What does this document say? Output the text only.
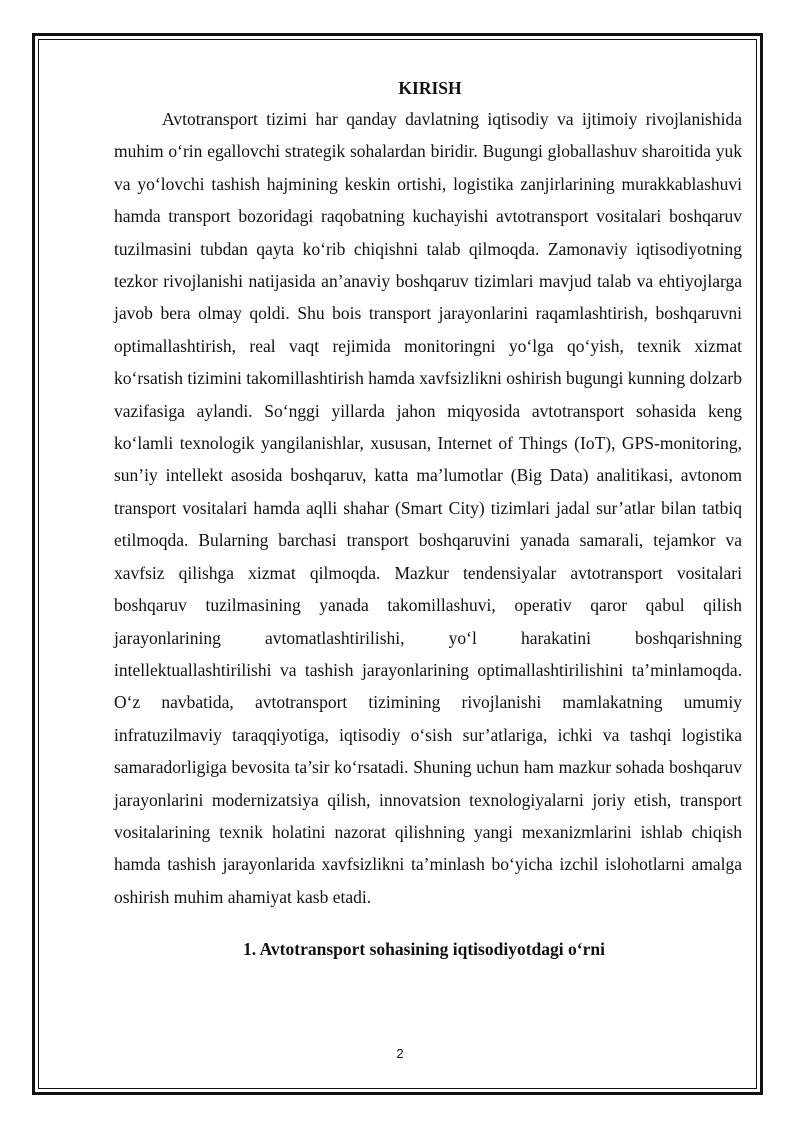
KIRISH

Avtotransport tizimi har qanday davlatning iqtisodiy va ijtimoiy rivojlanishida muhim o‘rin egallovchi strategik sohalardan biridir. Bugungi globallashuv sharoitida yuk va yo‘lovchi tashish hajmining keskin ortishi, logistika zanjirlarining murakkablashuvi hamda transport bozoridagi raqobatning kuchayishi avtotransport vositalari boshqaruv tuzilmasini tubdan qayta ko‘rib chiqishni talab qilmoqda. Zamonaviy iqtisodiyotning tezkor rivojlanishi natijasida an’anaviy boshqaruv tizimlari mavjud talab va ehtiyojlarga javob bera olmay qoldi. Shu bois transport jarayonlarini raqamlashtirish, boshqaruvni optimallashtirish, real vaqt rejimida monitoringni yo‘lga qo‘yish, texnik xizmat ko‘rsatish tizimini takomillashtirish hamda xavfsizlikni oshirish bugungi kunning dolzarb vazifasiga aylandi. So‘nggi yillarda jahon miqyosida avtotransport sohasida keng ko‘lamli texnologik yangilanishlar, xususan, Internet of Things (IoT), GPS-monitoring, sun’iy intellekt asosida boshqaruv, katta ma’lumotlar (Big Data) analitikasi, avtonom transport vositalari hamda aqlli shahar (Smart City) tizimlari jadal sur’atlar bilan tatbiq etilmoqda. Bularning barchasi transport boshqaruvini yanada samarali, tejamkor va xavfsiz qilishga xizmat qilmoqda. Mazkur tendensiyalar avtotransport vositalari boshqaruv tuzilmasining yanada takomillashuvi, operativ qaror qabul qilish jarayonlarining avtomatlashtirilishi, yo‘l harakatini boshqarishning intellektuallashtirilishi va tashish jarayonlarining optimallashtirilishini ta’minlamoqda. O‘z navbatida, avtotransport tizimining rivojlanishi mamlakatning umumiy infratuzilmaviy taraqqiyotiga, iqtisodiy o‘sish sur’atlariga, ichki va tashqi logistika samaradorligiga bevosita ta’sir ko‘rsatadi. Shuning uchun ham mazkur sohada boshqaruv jarayonlarini modernizatsiya qilish, innovatsion texnologiyalarni joriy etish, transport vositalarining texnik holatini nazorat qilishning yangi mexanizmlarini ishlab chiqish hamda tashish jarayonlarida xavfsizlikni ta’minlash bo‘yicha izchil islohotlarni amalga oshirish muhim ahamiyat kasb etadi.

1. Avtotransport sohasining iqtisodiyotdagi o‘rni
2
